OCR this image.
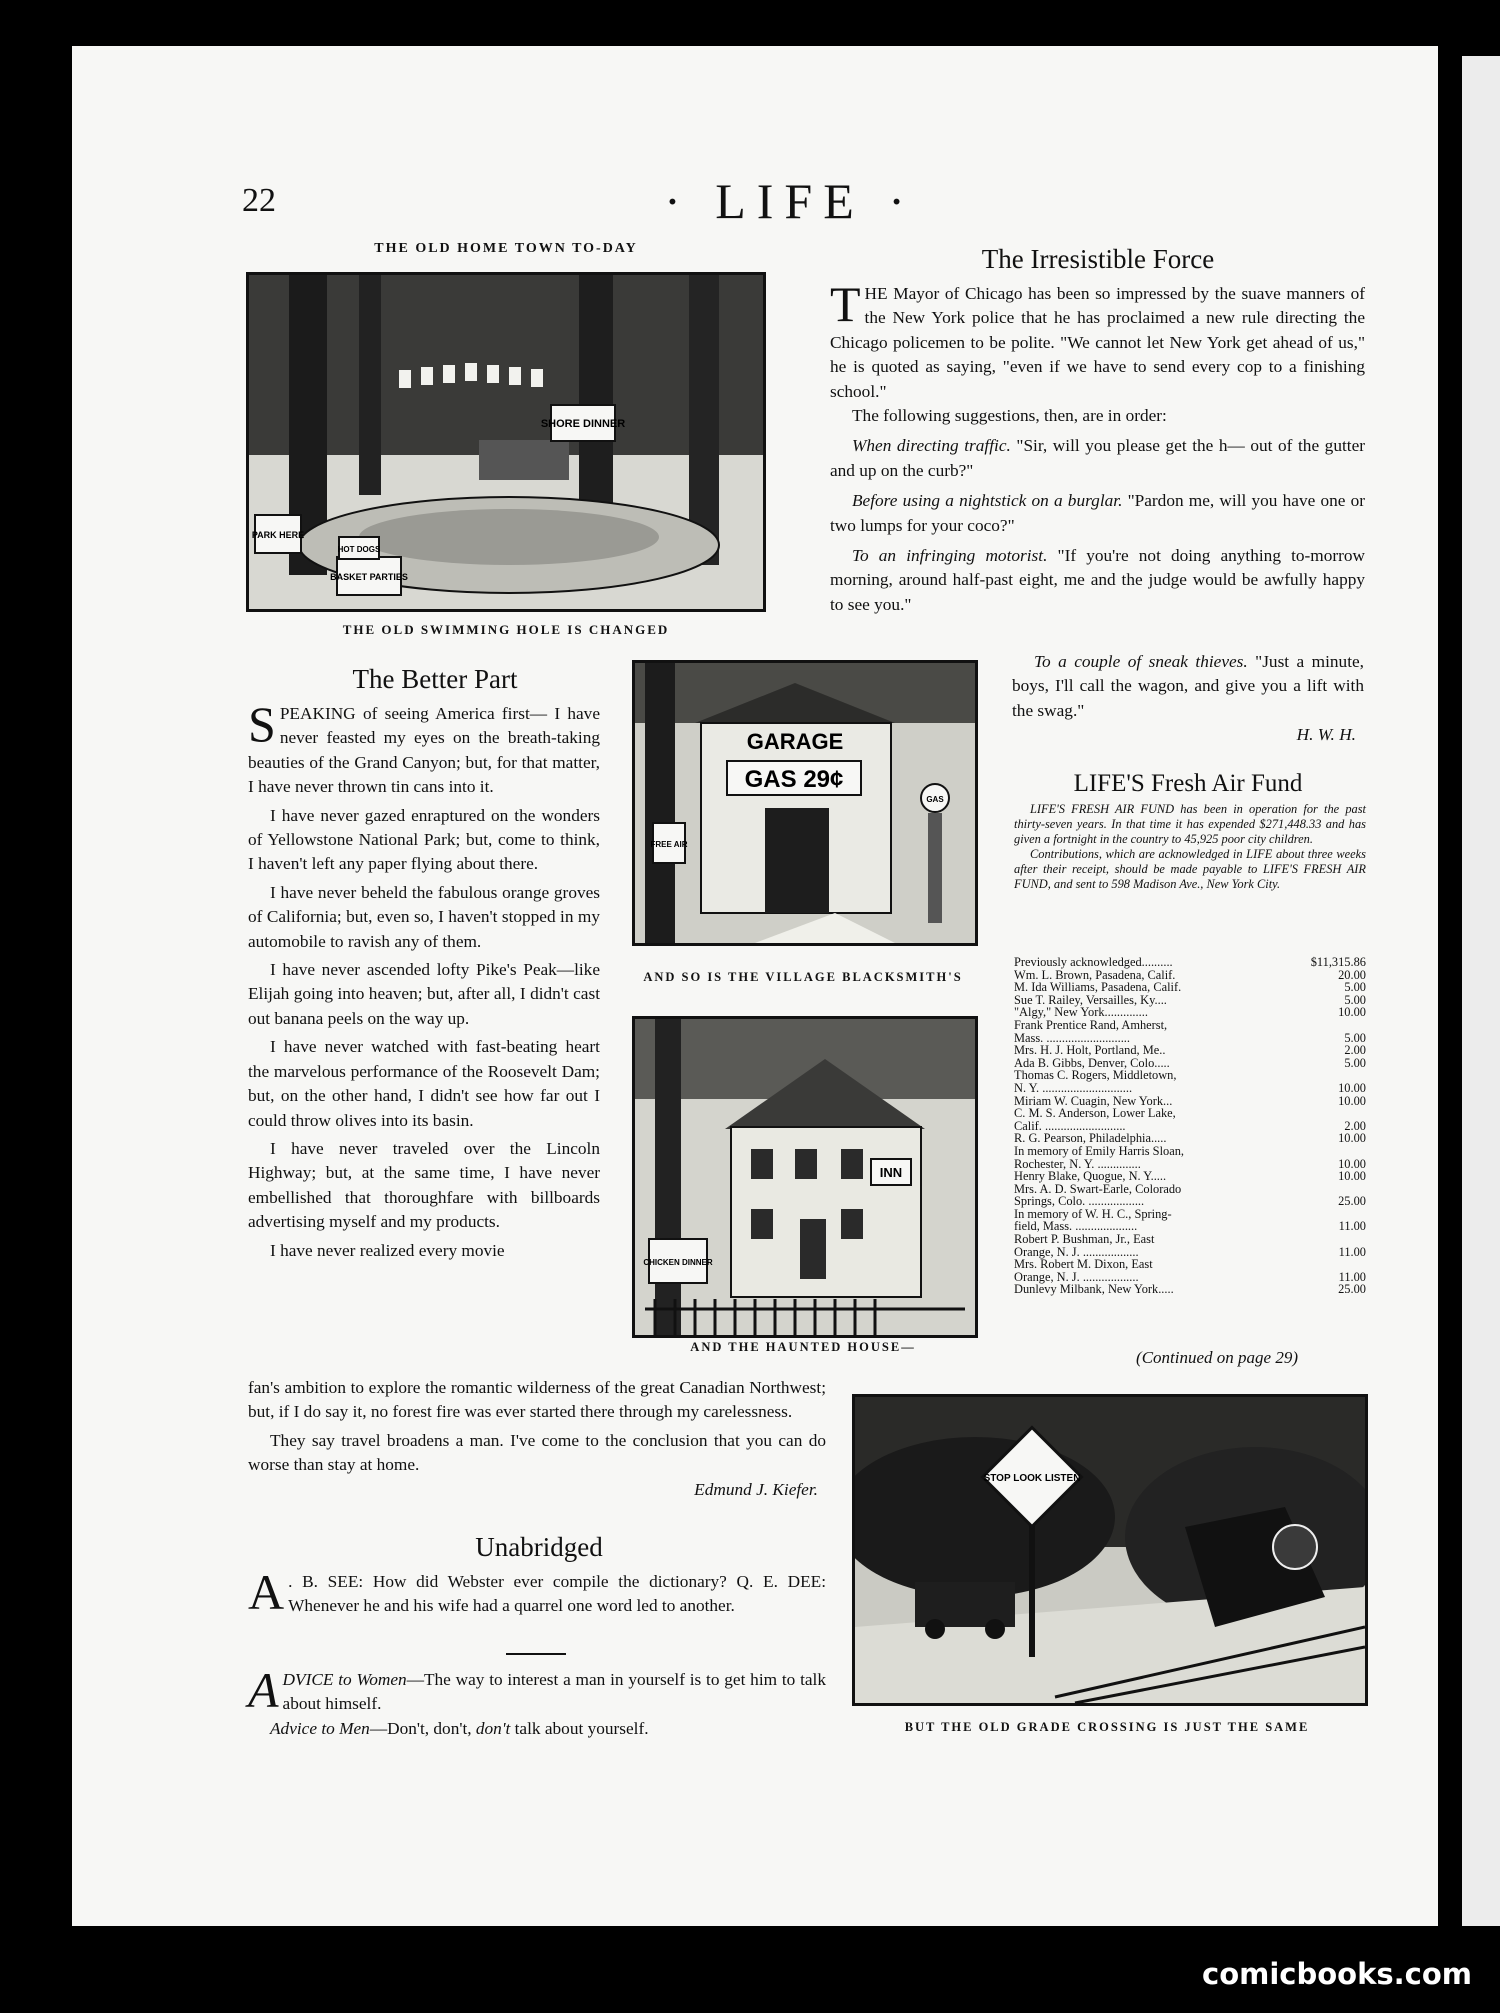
22	· LIFE ·
THE OLD HOME TOWN TO-DAY
SHORE DINNER
PARK HERE
BASKET PARTIES
HOT DOGS
THE OLD SWIMMING HOLE IS CHANGED
The Irresistible Force

THE Mayor of Chicago has been so impressed by the suave manners of the New York police that he has proclaimed a new rule directing the Chicago policemen to be polite. "We cannot let New York get ahead of us," he is quoted as saying, "even if we have to send every cop to a finishing school."

The following suggestions, then, are in order:

When directing traffic. "Sir, will you please get the h— out of the gutter and up on the curb?"

Before using a nightstick on a burglar. "Pardon me, will you have one or two lumps for your coco?"

To an infringing motorist. "If you're not doing anything to-morrow morning, around half-past eight, me and the judge would be awfully happy to see you."

To a couple of sneak thieves. "Just a minute, boys, I'll call the wagon, and give you a lift with the swag."

H. W. H.
LIFE'S Fresh Air Fund
LIFE'S FRESH AIR FUND has been in operation for the past thirty-seven years. In that time it has expended $271,448.33 and has given a fortnight in the country to 45,925 poor city children.
Contributions, which are acknowledged in LIFE about three weeks after their receipt, should be made payable to LIFE'S FRESH AIR FUND, and sent to 598 Madison Ave., New York City.
Previously acknowledged..........	$11,315.86
Wm. L. Brown, Pasadena, Calif.	20.00
M. Ida Williams, Pasadena, Calif.	5.00
Sue T. Railey, Versailles, Ky....	5.00
"Algy," New York..............	10.00
Frank Prentice Rand, Amherst,	
Mass. ...........................	5.00
Mrs. H. J. Holt, Portland, Me..	2.00
Ada B. Gibbs, Denver, Colo.....	5.00
Thomas C. Rogers, Middletown,	
N. Y. .............................	10.00
Miriam W. Cuagin, New York...	10.00
C. M. S. Anderson, Lower Lake,	
Calif. ..........................	2.00
R. G. Pearson, Philadelphia.....	10.00
In memory of Emily Harris Sloan,	
Rochester, N. Y. ..............	10.00
Henry Blake, Quogue, N. Y.....	10.00
Mrs. A. D. Swart-Earle, Colorado	
Springs, Colo. ..................	25.00
In memory of W. H. C., Spring-	
field, Mass. ....................	11.00
Robert P. Bushman, Jr., East	
Orange, N. J. ..................	11.00
Mrs. Robert M. Dixon, East	
Orange, N. J. ..................	11.00
Dunlevy Milbank, New York.....	25.00
(Continued on page 29)
GARAGE
GAS 29¢
FREE AIR
GAS
AND SO IS THE VILLAGE BLACKSMITH'S
INN
CHICKEN DINNER
AND THE HAUNTED HOUSE—
The Better Part

SPEAKING of seeing America first— I have never feasted my eyes on the breath-taking beauties of the Grand Canyon; but, for that matter, I have never thrown tin cans into it.

I have never gazed enraptured on the wonders of Yellowstone National Park; but, come to think, I haven't left any paper flying about there.

I have never beheld the fabulous orange groves of California; but, even so, I haven't stopped in my automobile to ravish any of them.

I have never ascended lofty Pike's Peak—like Elijah going into heaven; but, after all, I didn't cast out banana peels on the way up.

I have never watched with fast-beating heart the marvelous performance of the Roosevelt Dam; but, on the other hand, I didn't see how far out I could throw olives into its basin.

I have never traveled over the Lincoln Highway; but, at the same time, I have never embellished that thoroughfare with billboards advertising myself and my products.

I have never realized every movie

fan's ambition to explore the romantic wilderness of the great Canadian Northwest; but, if I do say it, no forest fire was ever started there through my carelessness.

They say travel broadens a man. I've come to the conclusion that you can do worse than stay at home.

Edmund J. Kiefer.
Unabridged

A . B. SEE: How did Webster ever compile the dictionary? Q. E. DEE: Whenever he and his wife had a quarrel one word led to another.

ADVICE to Women—The way to interest a man in yourself is to get him to talk about himself.

Advice to Men—Don't, don't, don't talk about yourself.

STOP LOOK LISTEN
BUT THE OLD GRADE CROSSING IS JUST THE SAME
comicbooks.com
